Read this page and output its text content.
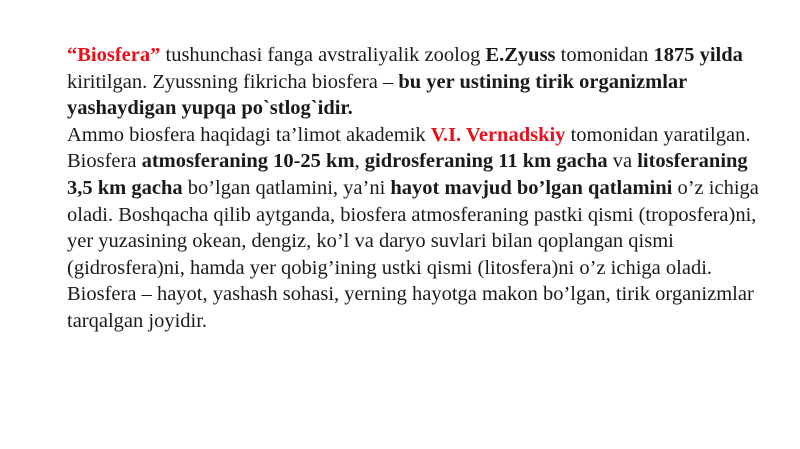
“Biosfera” tushunchasi fanga avstraliyalik zoolog E.Zyuss tomonidan 1875 yilda kiritilgan. Zyussning fikricha biosfera – bu yer ustining tirik organizmlar yashaydigan yupqa po`stlog`idir.

Ammo biosfera haqidagi ta’limot akademik V.I. Vernadskiy tomonidan yaratilgan. Biosfera atmosferaning 10-25 km, gidrosferaning 11 km gacha va litosferaning 3,5 km gacha bo’lgan qatlamini, ya’ni hayot mavjud bo’lgan qatlamini o’z ichiga oladi. Boshqacha qilib aytganda, biosfera atmosferaning pastki qismi (troposfera)ni, yer yuzasining okean, dengiz, ko’l va daryo suvlari bilan qoplangan qismi (gidrosfera)ni, hamda yer qobig’ining ustki qismi (litosfera)ni o’z ichiga oladi. Biosfera – hayot, yashash sohasi, yerning hayotga makon bo’lgan, tirik organizmlar tarqalgan joyidir.
